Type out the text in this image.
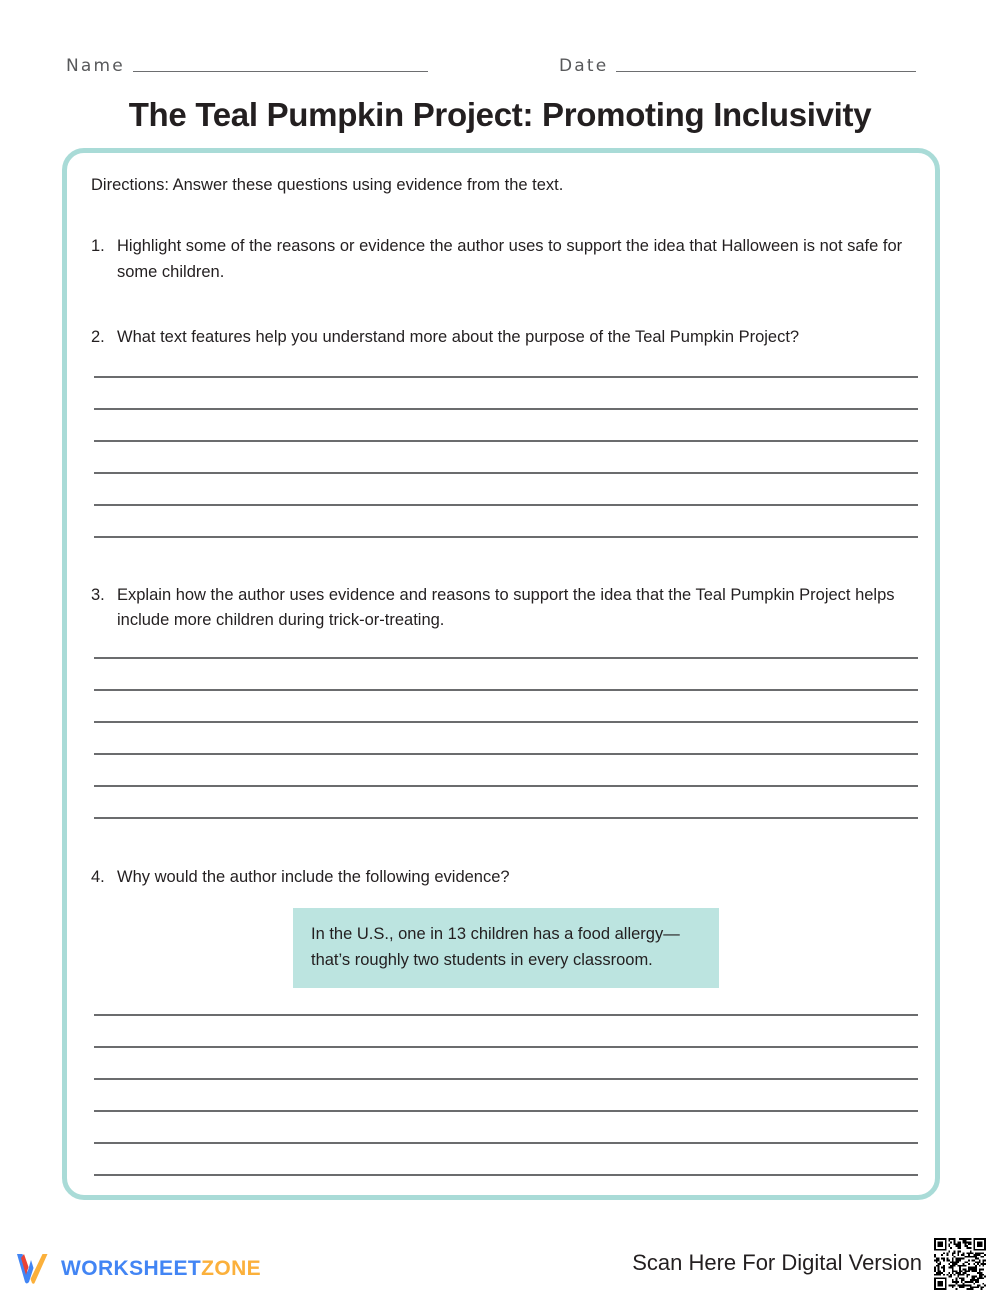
Name	Date
The Teal Pumpkin Project: Promoting Inclusivity
Directions: Answer these questions using evidence from the text.
1. Highlight some of the reasons or evidence the author uses to support the idea that Halloween is not safe for some children.
2. What text features help you understand more about the purpose of the Teal Pumpkin Project?
3. Explain how the author uses evidence and reasons to support the idea that the Teal Pumpkin Project helps include more children during trick-or-treating.
4. Why would the author include the following evidence?
In the U.S., one in 13 children has a food allergy—that’s roughly two students in every classroom.
WORKSHEETZONE	Scan Here For Digital Version
